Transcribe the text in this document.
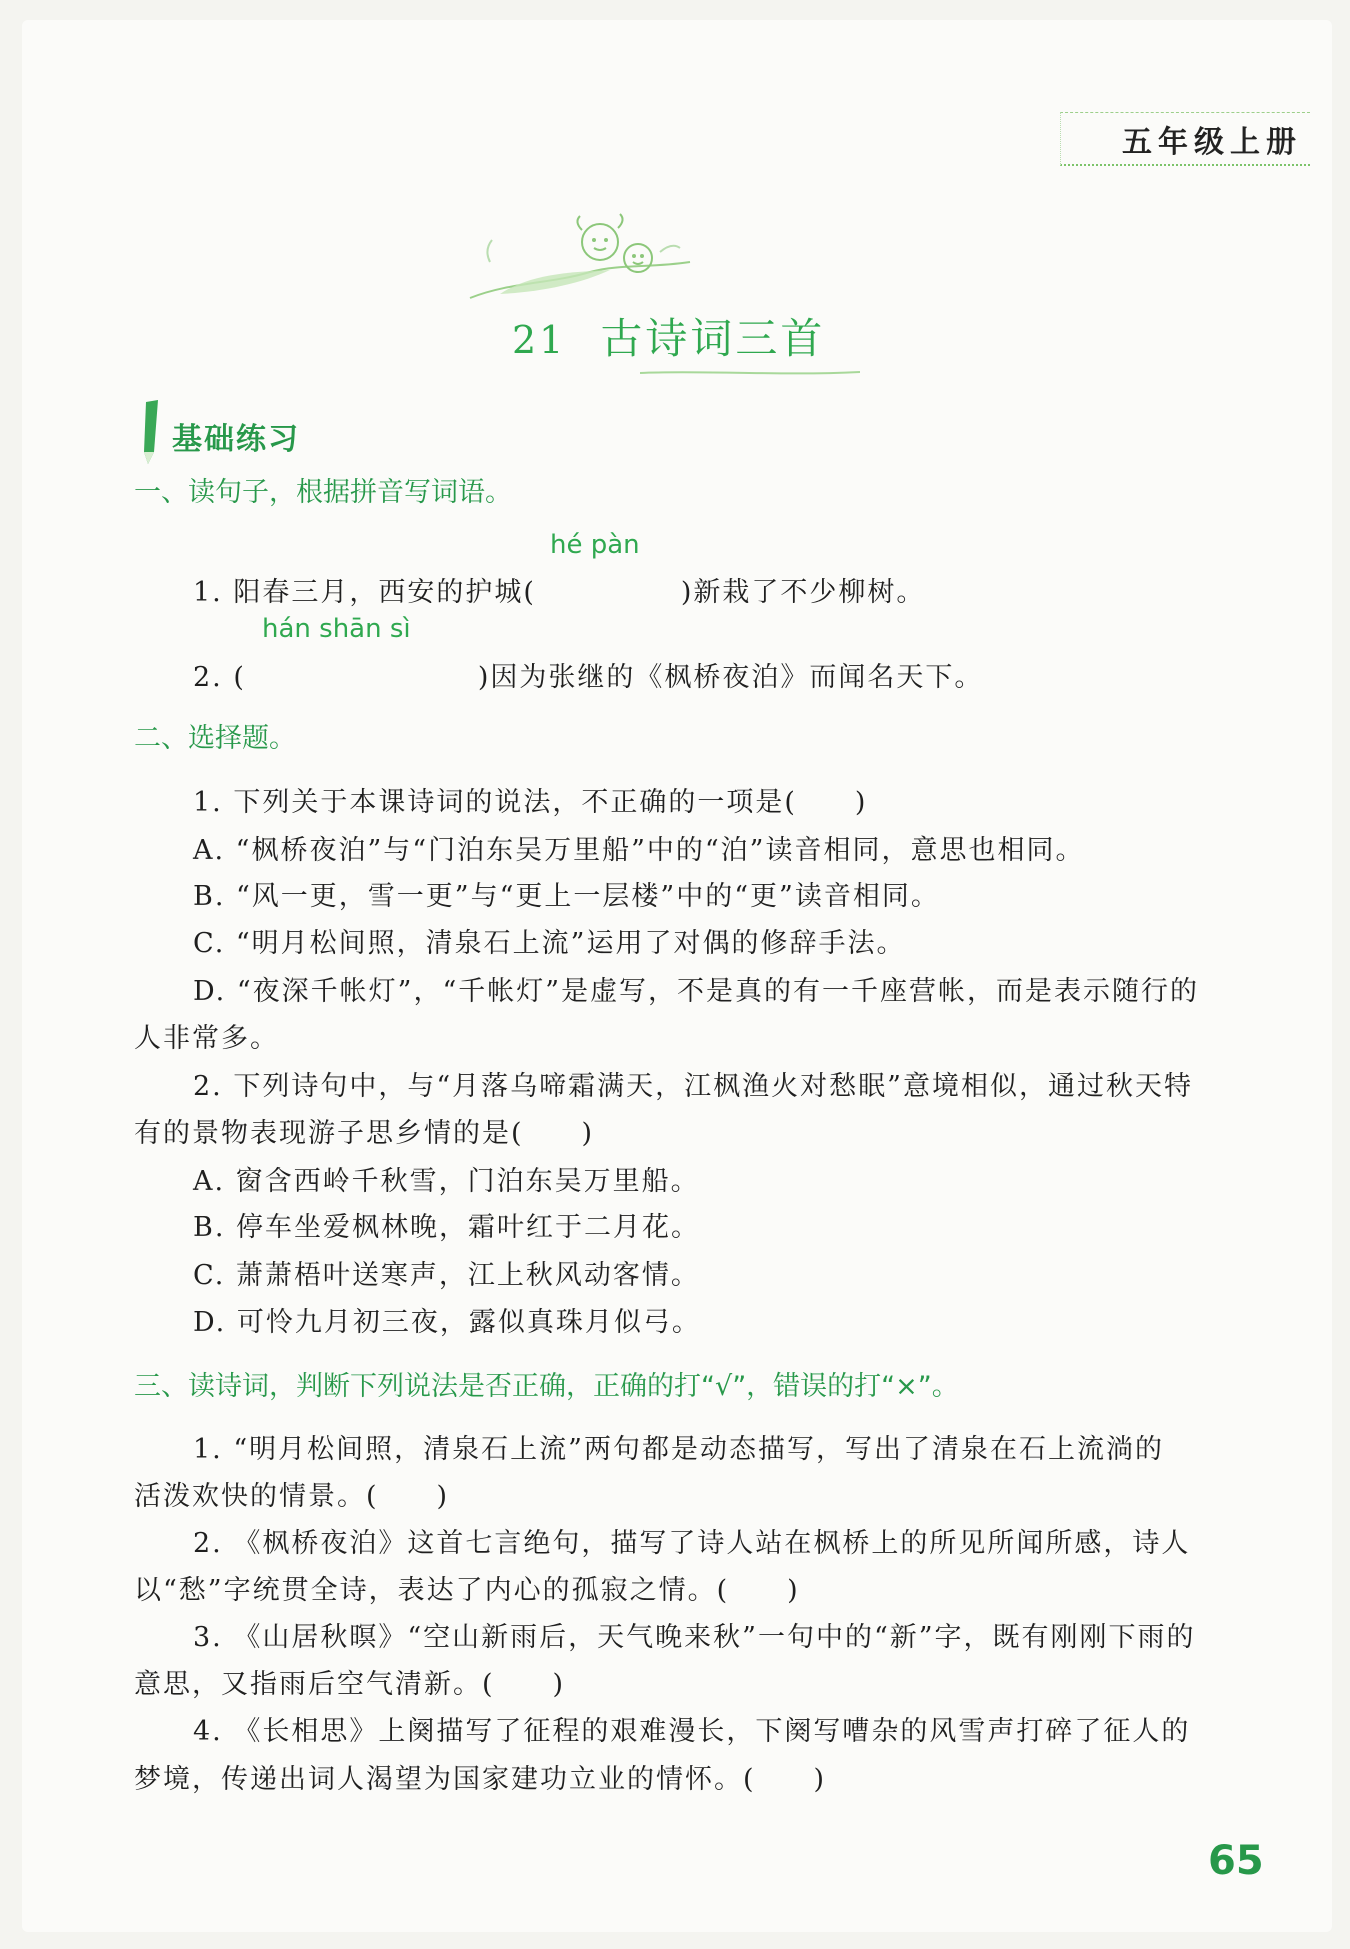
五年级上册
21 古诗词三首
基础练习
一、读句子，根据拼音写词语。
hé pàn
1. 阳春三月，西安的护城(　　　　　)新栽了不少柳树。
hán shān sì
2. (　　　　　　　　)因为张继的《枫桥夜泊》而闻名天下。
二、选择题。
1. 下列关于本课诗词的说法，不正确的一项是(　　)
A. “枫桥夜泊”与“门泊东吴万里船”中的“泊”读音相同，意思也相同。
B. “风一更，雪一更”与“更上一层楼”中的“更”读音相同。
C. “明月松间照，清泉石上流”运用了对偶的修辞手法。
D. “夜深千帐灯”，“千帐灯”是虚写，不是真的有一千座营帐，而是表示随行的
人非常多。
2. 下列诗句中，与“月落乌啼霜满天，江枫渔火对愁眠”意境相似，通过秋天特
有的景物表现游子思乡情的是(　　)
A. 窗含西岭千秋雪，门泊东吴万里船。
B. 停车坐爱枫林晚，霜叶红于二月花。
C. 萧萧梧叶送寒声，江上秋风动客情。
D. 可怜九月初三夜，露似真珠月似弓。
三、读诗词，判断下列说法是否正确，正确的打“√”，错误的打“×”。
1. “明月松间照，清泉石上流”两句都是动态描写，写出了清泉在石上流淌的
活泼欢快的情景。(　　)
2. 《枫桥夜泊》这首七言绝句，描写了诗人站在枫桥上的所见所闻所感，诗人
以“愁”字统贯全诗，表达了内心的孤寂之情。(　　)
3. 《山居秋暝》“空山新雨后，天气晚来秋”一句中的“新”字，既有刚刚下雨的
意思，又指雨后空气清新。(　　)
4. 《长相思》上阕描写了征程的艰难漫长，下阕写嘈杂的风雪声打碎了征人的
梦境，传递出词人渴望为国家建功立业的情怀。(　　)
65
